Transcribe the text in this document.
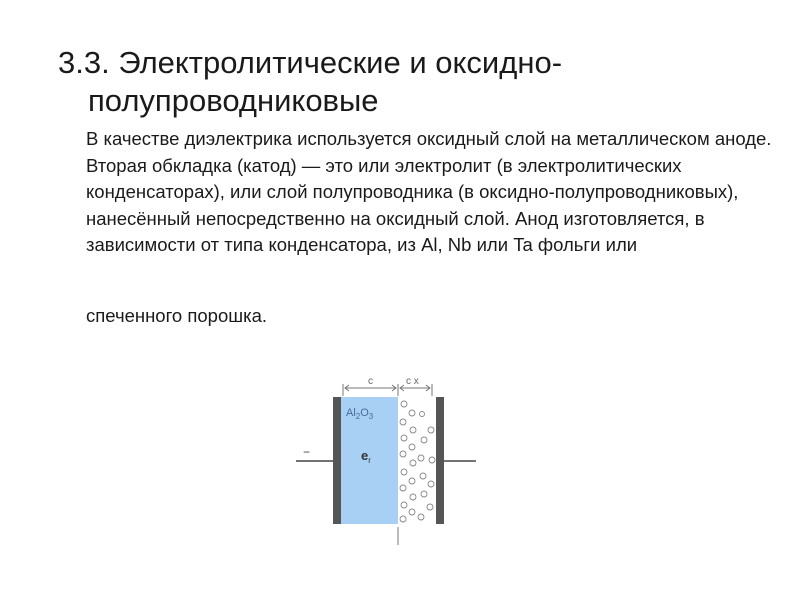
3.3. Электролитические и оксидно-
полупроводниковые

В качестве диэлектрика используется оксидный слой на металлическом аноде. Вторая обкладка (катод) — это или электролит (в электролитических конденсаторах), или слой полупроводника (в оксидно-полупроводниковых), нанесённый непосредственно на оксидный слой. Анод изготовляется, в зависимости от типа конденсатора, из Al, Nb или Ta фольги или

спеченного порошка.

c	c x
−
$Al_2O_3$
$e_r$
